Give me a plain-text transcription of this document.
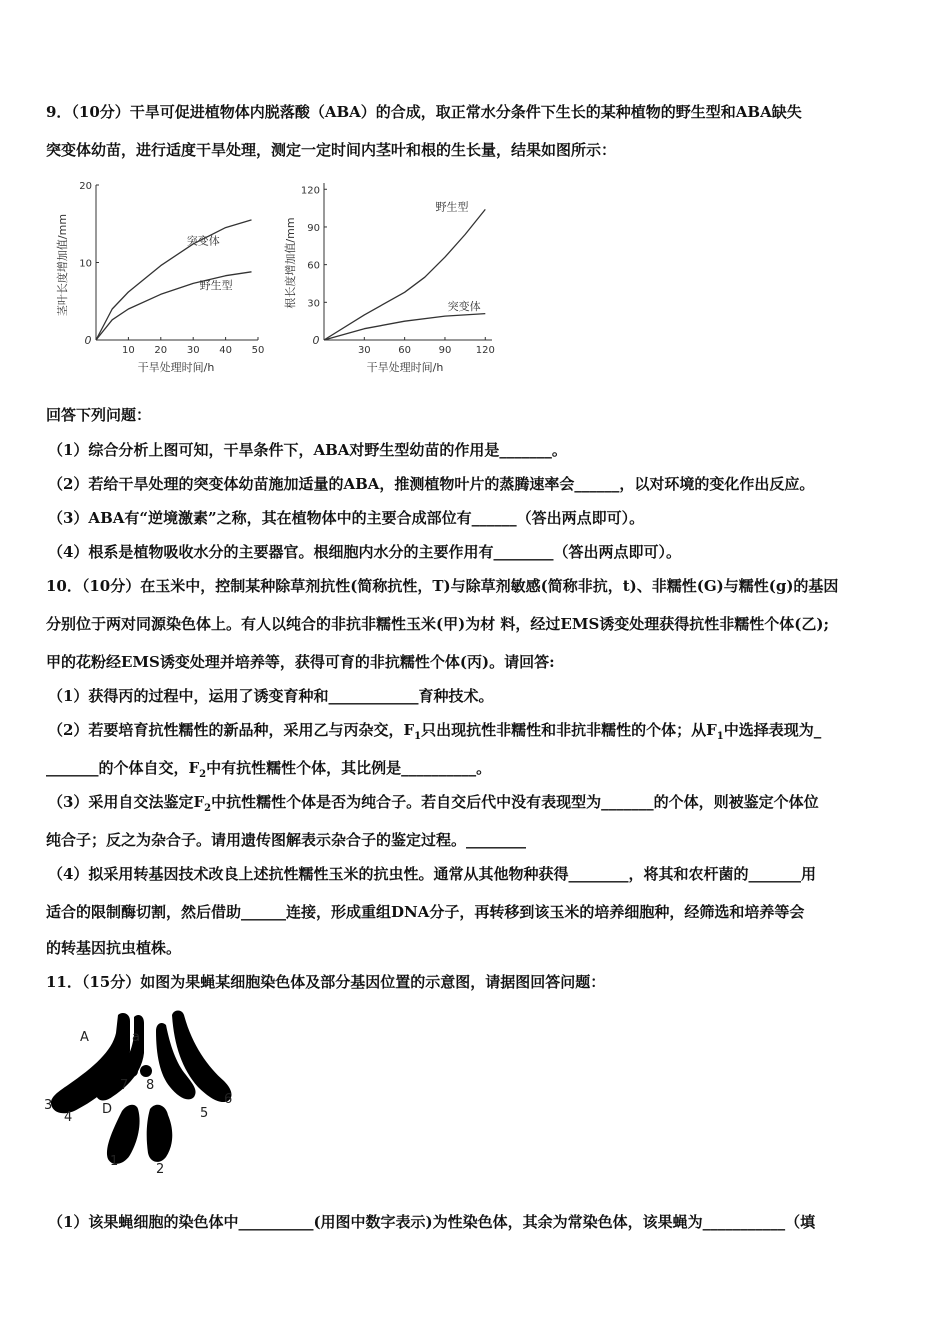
9．（10分）干旱可促进植物体内脱落酸（ABA）的合成，取正常水分条件下生长的某种植物的野生型和ABA缺失
突变体幼苗，进行适度干旱处理，测定一定时间内茎叶和根的生长量，结果如图所示：
10 20 30 40 50
10
20
突变体
野生型
茎叶长度增加值/mm
干旱处理时间/h
0
30	60	90 120
30
60
90
120
野生型
突变体
根长度增加值/mm
干旱处理时间/h
0
回答下列问题：
（1）综合分析上图可知，干旱条件下，ABA对野生型幼苗的作用是_______。
（2）若给干旱处理的突变体幼苗施加适量的ABA，推测植物叶片的蒸腾速率会______，以对环境的变化作出反应。
（3）ABA有“逆境激素”之称，其在植物体中的主要合成部位有______（答出两点即可）。
（4）根系是植物吸收水分的主要器官。根细胞内水分的主要作用有________（答出两点即可）。
10．（10分）在玉米中，控制某种除草剂抗性(简称抗性，T)与除草剂敏感(简称非抗，t)、非糯性(G)与糯性(g)的基因
分别位于两对同源染色体上。有人以纯合的非抗非糯性玉米(甲)为材 料，经过EMS诱变处理获得抗性非糯性个体(乙);
甲的花粉经EMS诱变处理并培养等，获得可育的非抗糯性个体(丙)。请回答:
（1）获得丙的过程中，运用了诱变育种和____________育种技术。
（2）若要培育抗性糯性的新品种，采用乙与丙杂交，$F_1$只出现抗性非糯性和非抗非糯性的个体；从$F_1$中选择表现为_
_______的个体自交，$F_2$中有抗性糯性个体，其比例是__________。
（3）采用自交法鉴定$F_2$中抗性糯性个体是否为纯合子。若自交后代中没有表现型为_______的个体，则被鉴定个体位
纯合子；反之为杂合子。请用遗传图解表示杂合子的鉴定过程。________
（4）拟采用转基因技术改良上述抗性糯性玉米的抗虫性。通常从其他物种获得________，将其和农杆菌的_______用
适合的限制酶切割，然后借助______连接，形成重组DNA分子，再转移到该玉米的培养细胞种，经筛选和培养等会
的转基因抗虫植株。
11．（15分）如图为果蝇某细胞染色体及部分基因位置的示意图，请据图回答问题：
A	a
D
7 8
3
4	5
6
1
2
（1）该果蝇细胞的染色体中__________(用图中数字表示)为性染色体，其余为常染色体，该果蝇为___________（填
